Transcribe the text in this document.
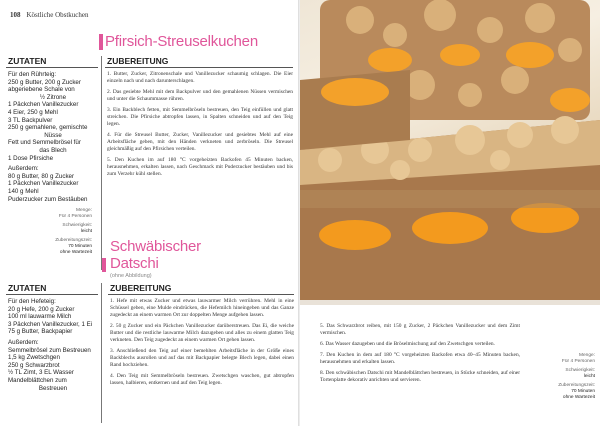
108 Köstliche Obstkuchen
Pfirsich-Streuselkuchen
ZUTATEN	ZUBEREITUNG
Für den Rührteig:
250 g Butter, 200 g Zucker
abgeriebene Schale von
½ Zitrone
1 Päckchen Vanillezucker
4 Eier, 250 g Mehl
3 TL Backpulver
250 g gemahlene, gemischte
Nüsse
Fett und Semmelbrösel für
das Blech
1 Dose Pfirsiche
Außerdem:
80 g Butter, 80 g Zucker
1 Päckchen Vanillezucker
140 g Mehl
Puderzucker zum Bestäuben
Menge:
Für 4 Personen
Schwierigkeit:
leicht
Zubereitungszeit:
70 Minuten
ohne Wartezeit

1. Butter, Zucker, Zitronenschale und Vanillezucker schaumig schlagen. Die Eier einzeln nach und nach darunterschlagen.

2. Das gesiebte Mehl mit dem Backpulver und den gemahlenen Nüssen vermischen und unter die Schaummasse rühren.

3. Ein Backblech fetten, mit Semmelbröseln bestreuen, den Teig einfüllen und glatt streichen. Die Pfirsiche abtropfen lassen, in Spalten schneiden und auf den Teig legen.

4. Für die Streusel Butter, Zucker, Vanillezucker und gesiebtes Mehl auf eine Arbeitsfläche geben, mit den Händen verkneten und zerbröseln. Die Streusel gleichmäßig auf den Pfirsichen verteilen.

5. Den Kuchen im auf 180 °C vorgeheizten Backofen 45 Minuten backen, herausnehmen, erkalten lassen, nach Geschmack mit Puderzucker bestäuben und bis zum Verzehr kühl stellen.

Schwäbischer
Datschi
(ohne Abbildung)
ZUTATEN	ZUBEREITUNG
Für den Hefeteig:
20 g Hefe, 200 g Zucker
100 ml lauwarme Milch
3 Päckchen Vanillezucker, 1 Ei
75 g Butter, Backpapier
Außerdem:
Semmelbrösel zum Bestreuen
1,5 kg Zwetschgen
250 g Schwarzbrot
½ TL Zimt, 3 EL Wasser
Mandelblättchen zum
Bestreuen

1. Hefe mit etwas Zucker und etwas lauwarmer Milch verrühren. Mehl in eine Schüssel geben, eine Mulde eindrücken, die Hefemilch hineingeben und das Ganze zugedeckt an einem warmen Ort zur doppelten Menge aufgehen lassen.

2. 50 g Zucker und ein Päckchen Vanillezucker darüberstreuen. Das Ei, die weiche Butter und die restliche lauwarme Milch dazugeben und alles zu einem glatten Teig verkneten. Den Teig zugedeckt an einem warmen Ort gehen lassen.

3. Anschließend den Teig auf einer bemehlten Arbeitsfläche in der Größe eines Backblechs ausrollen und auf das mit Backpapier belegte Blech legen, dabei einen Rand hochziehen.

4. Den Teig mit Semmelbröseln bestreuen. Zwetschgen waschen, gut abtropfen lassen, halbieren, entkernen und auf den Teig legen.

5. Das Schwarzbrot reiben, mit 150 g Zucker, 2 Päckchen Vanillezucker und dem Zimt vermischen.

6. Das Wasser dazugeben und die Bröselmischung auf den Zwetschgen verteilen.

7. Den Kuchen in dem auf 180 °C vorgeheizten Backofen etwa 40–45 Minuten backen, herausnehmen und erkalten lassen.

8. Den schwäbischen Datschi mit Mandelblättchen bestreuen, in Stücke schneiden, auf einer Tortenplatte dekorativ anrichten und servieren.

Menge:
Für 4 Personen
Schwierigkeit:
leicht
Zubereitungszeit:
70 Minuten
ohne Wartezeit
